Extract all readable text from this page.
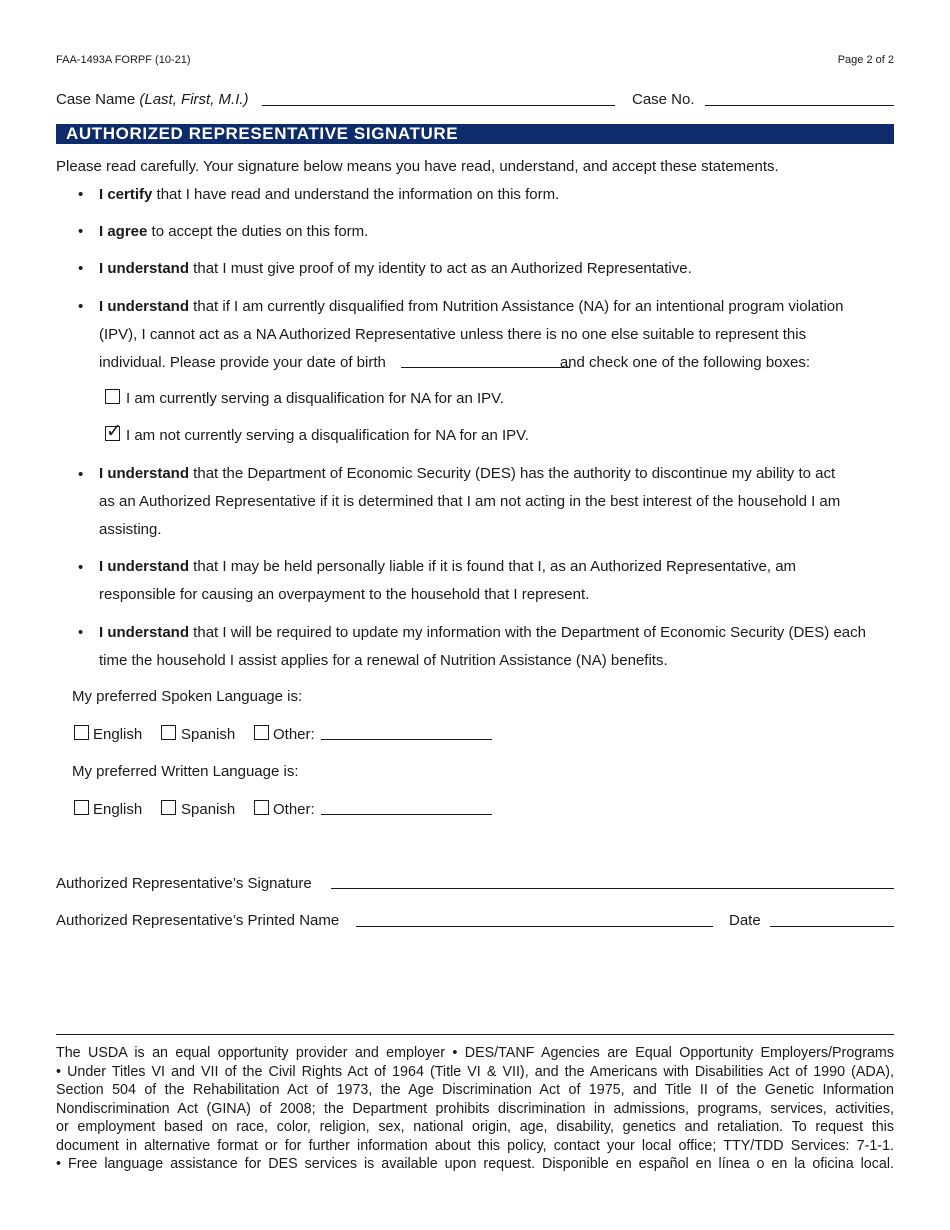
FAA-1493A FORPF (10-21)	Page 2 of 2
Case Name (Last, First, M.I.)	Case No.
AUTHORIZED REPRESENTATIVE SIGNATURE
Please read carefully. Your signature below means you have read, understand, and accept these statements.
• I certify that I have read and understand the information on this form.
• I agree to accept the duties on this form.
• I understand that I must give proof of my identity to act as an Authorized Representative.
• I understand that if I am currently disqualified from Nutrition Assistance (NA) for an intentional program violation
(IPV), I cannot act as a NA Authorized Representative unless there is no one else suitable to represent this
individual. Please provide your date of birth	and check one of the following boxes:
I am currently serving a disqualification for NA for an IPV.
✓ I am not currently serving a disqualification for NA for an IPV.
• I understand that the Department of Economic Security (DES) has the authority to discontinue my ability to act
as an Authorized Representative if it is determined that I am not acting in the best interest of the household I am
assisting.
• I understand that I may be held personally liable if it is found that I, as an Authorized Representative, am
responsible for causing an overpayment to the household that I represent.
• I understand that I will be required to update my information with the Department of Economic Security (DES) each
time the household I assist applies for a renewal of Nutrition Assistance (NA) benefits.
My preferred Spoken Language is:
English	Spanish	Other:
My preferred Written Language is:
English	Spanish	Other:
Authorized Representative’s Signature
Authorized Representative’s Printed Name	Date
The USDA is an equal opportunity provider and employer • DES/TANF Agencies are Equal Opportunity Employers/Programs
• Under Titles VI and VII of the Civil Rights Act of 1964 (Title VI & VII), and the Americans with Disabilities Act of 1990 (ADA),
Section 504 of the Rehabilitation Act of 1973, the Age Discrimination Act of 1975, and Title II of the Genetic Information
Nondiscrimination Act (GINA) of 2008; the Department prohibits discrimination in admissions, programs, services, activities,
or employment based on race, color, religion, sex, national origin, age, disability, genetics and retaliation. To request this
document in alternative format or for further information about this policy, contact your local office; TTY/TDD Services: 7-1-1.
• Free language assistance for DES services is available upon request. Disponible en español en línea o en la oficina local.
